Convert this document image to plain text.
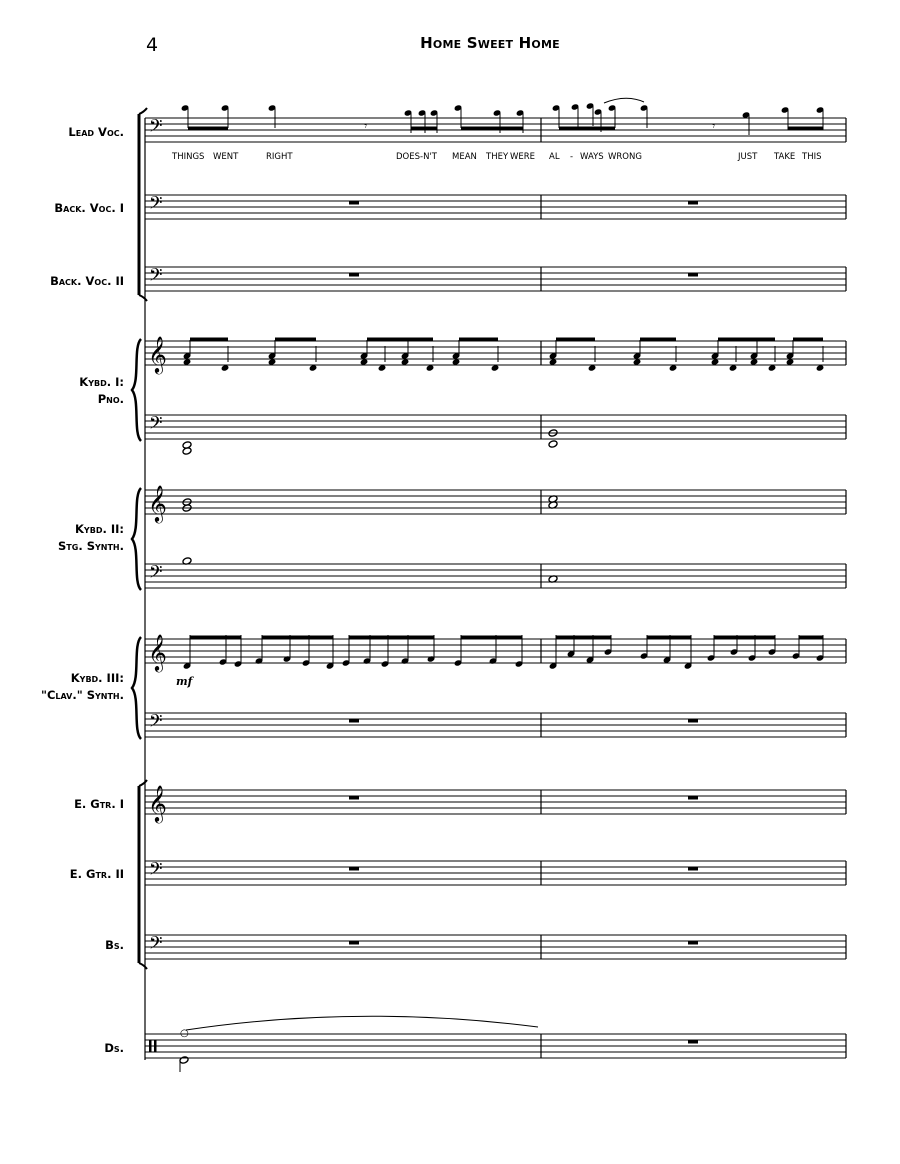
4	Home Sweet Home
Lead Voc.
Back. Voc. I
Back. Voc. II
Kybd. I:
Pno.
Kybd. II:
Stg. Synth.
Kybd. III:
"Clav." Synth.
E. Gtr. I
E. Gtr. II
Bs.
Ds.
THINGS WENT	RIGHT	DOES-N'T MEAN THEY WERE AL - WAYS WRONG	JUST TAKE THIS
𝄢
𝄢
𝄢
𝄞
𝄢
𝄞
𝄢
𝄞
𝄢
𝄞
𝄢
𝄢
𝄾	𝄾
mf
○
